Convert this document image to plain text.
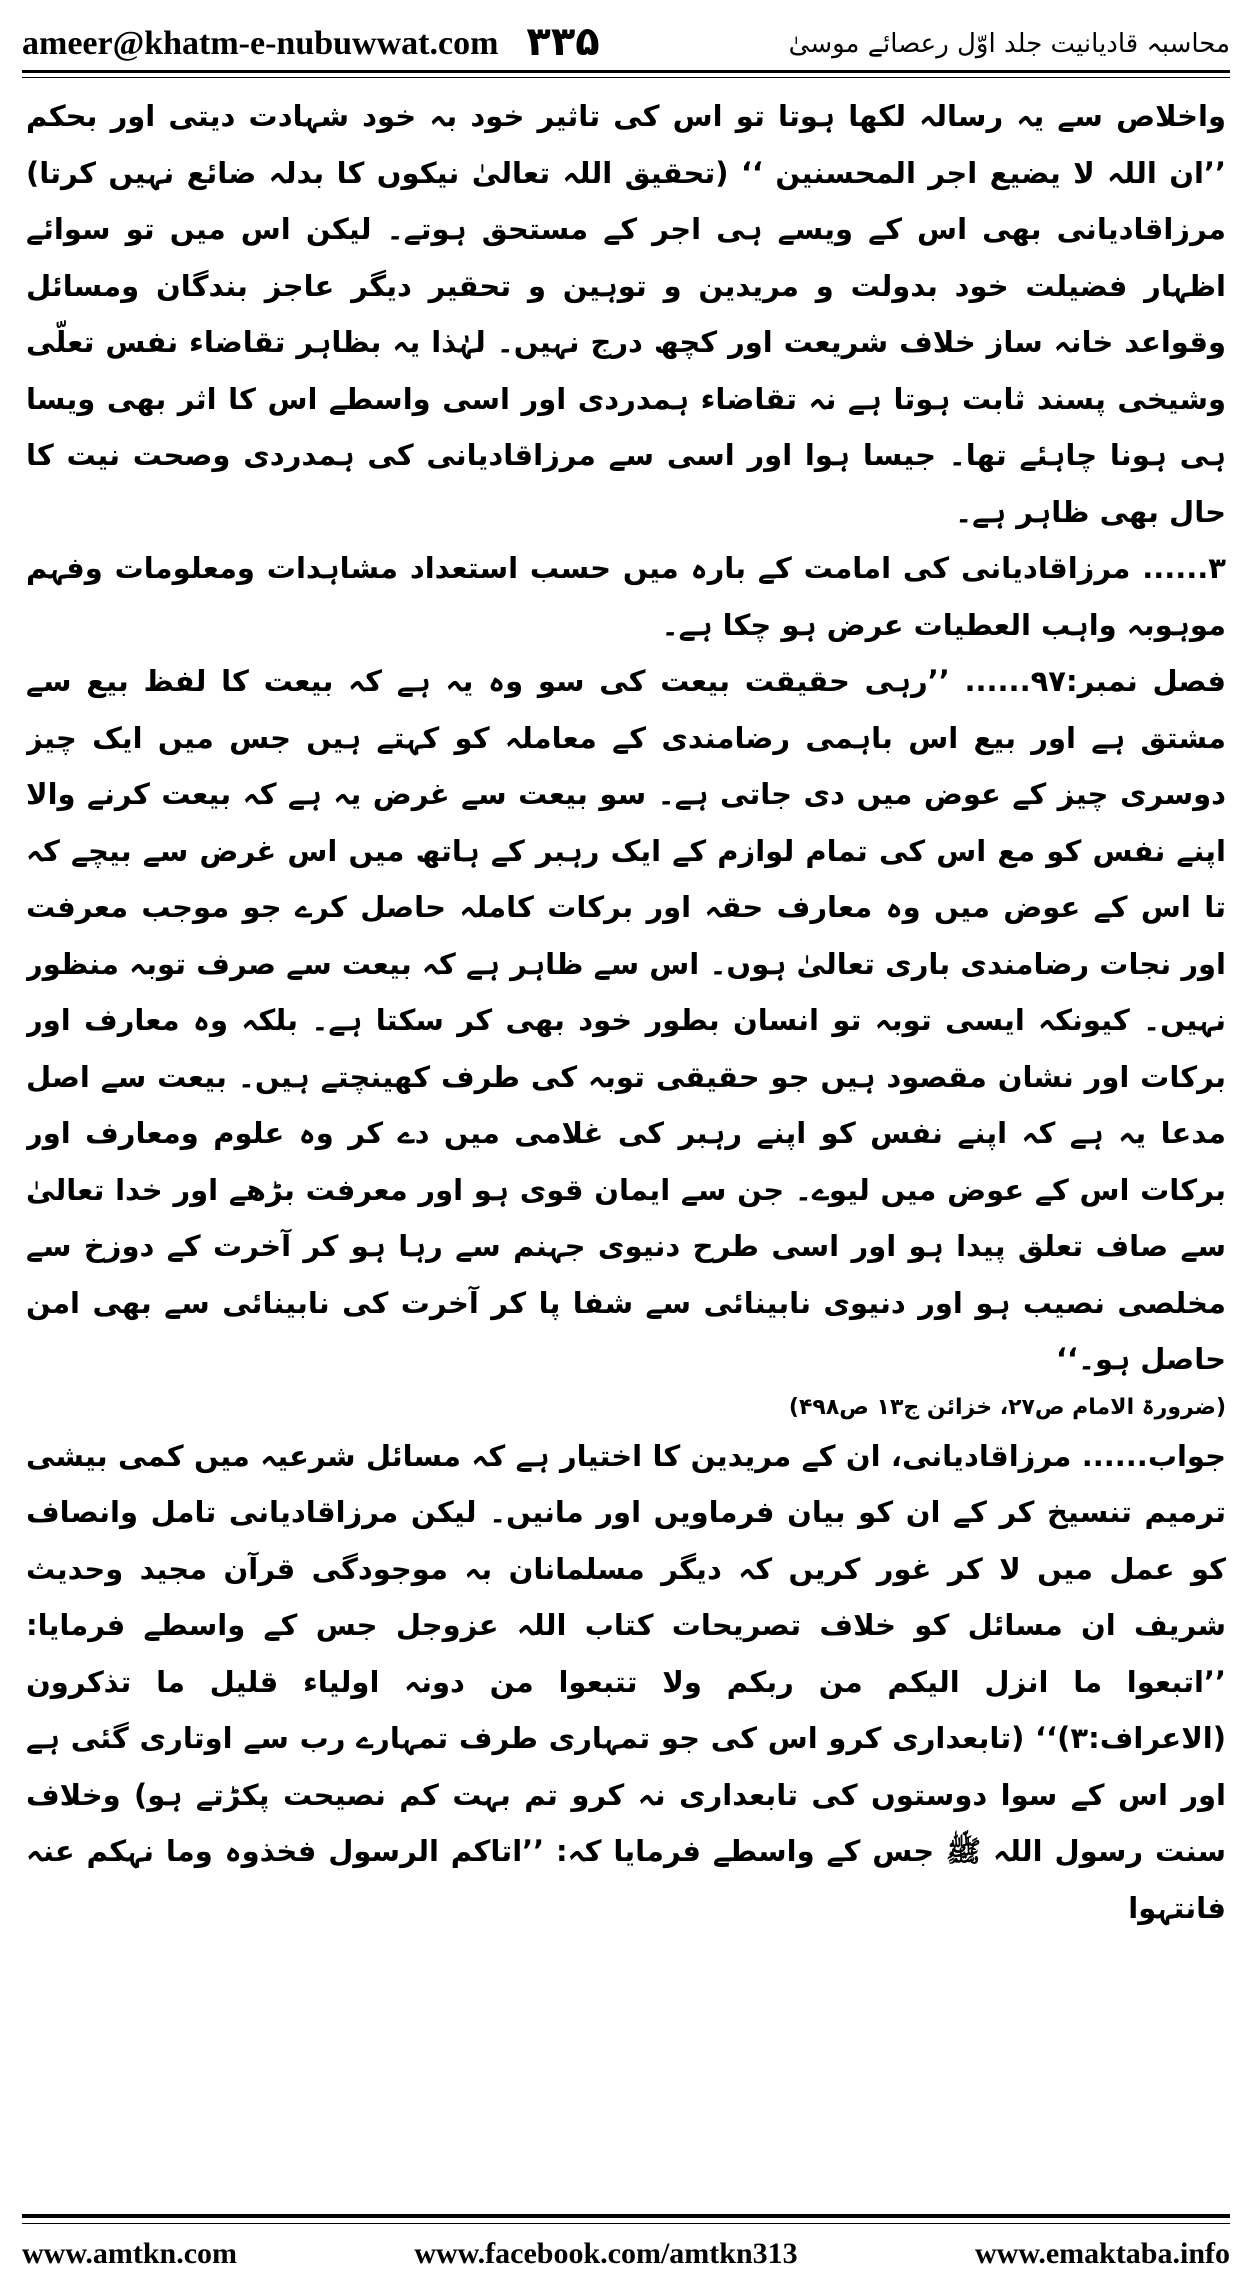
ameer@khatm-e-nubuwwat.com ۳۳۵	محاسبہ قادیانیت جلد اوّل رعصائے موسیٰ

واخلاص سے یہ رسالہ لکھا ہوتا تو اس کی تاثیر خود بہ خود شہادت دیتی اور بحکم ’’ان اللہ لا یضیع اجر المحسنین ‘‘ (تحقیق اللہ تعالیٰ نیکوں کا بدلہ ضائع نہیں کرتا) مرزاقادیانی بھی اس کے ویسے ہی اجر کے مستحق ہوتے۔ لیکن اس میں تو سوائے اظہار فضیلت خود بدولت و مریدین و توہین و تحقیر دیگر عاجز بندگان ومسائل وقواعد خانہ ساز خلاف شریعت اور کچھ درج نہیں۔ لہٰذا یہ بظاہر تقاضاء نفس تعلّی وشیخی پسند ثابت ہوتا ہے نہ تقاضاء ہمدردی اور اسی واسطے اس کا اثر بھی ویسا ہی ہونا چاہئے تھا۔ جیسا ہوا اور اسی سے مرزاقادیانی کی ہمدردی وصحت نیت کا حال بھی ظاہر ہے۔

۳...... مرزاقادیانی کی امامت کے بارہ میں حسب استعداد مشاہدات ومعلومات وفہم موہوبہ واہب العطیات عرض ہو چکا ہے۔

فصل نمبر:۹۷...... ’’رہی حقیقت بیعت کی سو وہ یہ ہے کہ بیعت کا لفظ بیع سے مشتق ہے اور بیع اس باہمی رضامندی کے معاملہ کو کہتے ہیں جس میں ایک چیز دوسری چیز کے عوض میں دی جاتی ہے۔ سو بیعت سے غرض یہ ہے کہ بیعت کرنے والا اپنے نفس کو مع اس کی تمام لوازم کے ایک رہبر کے ہاتھ میں اس غرض سے بیچے کہ تا اس کے عوض میں وہ معارف حقہ اور برکات کاملہ حاصل کرے جو موجب معرفت اور نجات رضامندی باری تعالیٰ ہوں۔ اس سے ظاہر ہے کہ بیعت سے صرف توبہ منظور نہیں۔ کیونکہ ایسی توبہ تو انسان بطور خود بھی کر سکتا ہے۔ بلکہ وہ معارف اور برکات اور نشان مقصود ہیں جو حقیقی توبہ کی طرف کھینچتے ہیں۔ بیعت سے اصل مدعا یہ ہے کہ اپنے نفس کو اپنے رہبر کی غلامی میں دے کر وہ علوم ومعارف اور برکات اس کے عوض میں لیوے۔ جن سے ایمان قوی ہو اور معرفت بڑھے اور خدا تعالیٰ سے صاف تعلق پیدا ہو اور اسی طرح دنیوی جہنم سے رہا ہو کر آخرت کے دوزخ سے مخلصی نصیب ہو اور دنیوی نابینائی سے شفا پا کر آخرت کی نابینائی سے بھی امن حاصل ہو۔‘‘

(ضرورۃ الامام ص۲۷، خزائن ج۱۳ ص۴۹۸)

جواب...... مرزاقادیانی، ان کے مریدین کا اختیار ہے کہ مسائل شرعیہ میں کمی بیشی ترمیم تنسیخ کر کے ان کو بیان فرماویں اور مانیں۔ لیکن مرزاقادیانی تامل وانصاف کو عمل میں لا کر غور کریں کہ دیگر مسلمانان بہ موجودگی قرآن مجید وحدیث شریف ان مسائل کو خلاف تصریحات کتاب اللہ عزوجل جس کے واسطے فرمایا: ’’اتبعوا ما انزل الیکم من ربکم ولا تتبعوا من دونہ اولیاء قلیل ما تذکرون (الاعراف:۳)‘‘ (تابعداری کرو اس کی جو تمہاری طرف تمہارے رب سے اوتاری گئی ہے اور اس کے سوا دوستوں کی تابعداری نہ کرو تم بہت کم نصیحت پکڑتے ہو) وخلاف سنت رسول اللہ ﷺ جس کے واسطے فرمایا کہ: ’’اتاکم الرسول فخذوہ وما نہکم عنہ فانتہوا

www.amtkn.com	www.facebook.com/amtkn313	www.emaktaba.info
